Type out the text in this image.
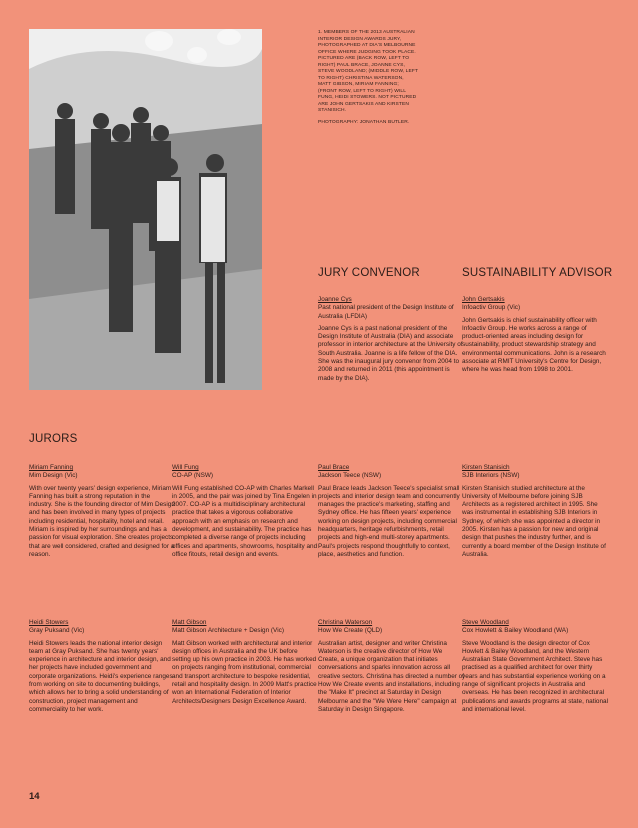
1. MEMBERS OF THE 2013 AUSTRALIAN INTERIOR DESIGN AWARDS JURY, PHOTOGRAPHED AT DIA'S MELBOURNE OFFICE WHERE JUDGING TOOK PLACE. PICTURED ARE (BACK ROW, LEFT TO RIGHT) PAUL BRACE, JOANNE CYS, STEVE WOODLAND; (MIDDLE ROW, LEFT TO RIGHT) CHRISTINA WATERSON, MATT GIBSON, MIRIAM FANNING; (FRONT ROW, LEFT TO RIGHT) WILL FUNG, HEIDI STOWERS. NOT PICTURED ARE JOHN GERTSAKIS AND KIRSTEN STANISICH.

PHOTOGRAPHY: JONATHAN BUTLER.

JURY CONVENOR	SUSTAINABILITY ADVISOR
Joanne Cys
Past national president of the Design Institute of Australia (LFDIA)

Joanne Cys is a past national president of the Design Institute of Australia (DIA) and associate professor in interior architecture at the University of South Australia. Joanne is a life fellow of the DIA. She was the inaugural jury convenor from 2004 to 2008 and returned in 2011 (this appointment is made by the DIA).

John Gertsakis
Infoactiv Group (Vic)

John Gertsakis is chief sustainability officer with Infoactiv Group. He works across a range of product-oriented areas including design for sustainability, product stewardship strategy and environmental communications. John is a research associate at RMIT University's Centre for Design, where he was head from 1998 to 2001.

JURORS
Miriam Fanning
Mim Design (Vic)

With over twenty years' design experience, Miriam Fanning has built a strong reputation in the industry. She is the founding director of Mim Design and has been involved in many types of projects including residential, hospitality, hotel and retail. Miriam is inspired by her surroundings and has a passion for visual exploration. She creates projects that are well considered, crafted and designed for a reason.

Will Fung
CO-AP (NSW)

Will Fung established CO-AP with Charles Markell in 2005, and the pair was joined by Tina Engelen in 2007. CO-AP is a multidisciplinary architectural practice that takes a vigorous collaborative approach with an emphasis on research and development, and sustainability. The practice has completed a diverse range of projects including offices and apartments, showrooms, hospitality and office fitouts, retail design and events.

Paul Brace
Jackson Teece (NSW)

Paul Brace leads Jackson Teece's specialist small projects and interior design team and concurrently manages the practice's marketing, staffing and Sydney office. He has fifteen years' experience working on design projects, including commercial headquarters, heritage refurbishments, retail projects and high-end multi-storey apartments. Paul's projects respond thoughtfully to context, place, aesthetics and function.

Kirsten Stanisich
SJB Interiors (NSW)

Kirsten Stanisich studied architecture at the University of Melbourne before joining SJB Architects as a registered architect in 1995. She was instrumental in establishing SJB Interiors in Sydney, of which she was appointed a director in 2005. Kirsten has a passion for new and original design that pushes the industry further, and is currently a board member of the Design Institute of Australia.

Heidi Stowers
Gray Puksand (Vic)

Heidi Stowers leads the national interior design team at Gray Puksand. She has twenty years' experience in architecture and interior design, and her projects have included government and corporate organizations. Heidi's experience ranges from working on site to documenting buildings, which allows her to bring a solid understanding of construction, project management and commerciality to her work.

Matt Gibson
Matt Gibson Architecture + Design (Vic)

Matt Gibson worked with architectural and interior design offices in Australia and the UK before setting up his own practice in 2003. He has worked on projects ranging from institutional, commercial and transport architecture to bespoke residential, retail and hospitality design. In 2009 Matt's practice won an International Federation of Interior Architects/Designers Design Excellence Award.

Christina Waterson
How We Create (QLD)

Australian artist, designer and writer Christina Waterson is the creative director of How We Create, a unique organization that initiates conversations and sparks innovation across all creative sectors. Christina has directed a number of How We Create events and installations, including the "Make It" precinct at Saturday in Design Melbourne and the "We Were Here" campaign at Saturday in Design Singapore.

Steve Woodland
Cox Howlett & Bailey Woodland (WA)

Steve Woodland is the design director of Cox Howlett & Bailey Woodland, and the Western Australian State Government Architect. Steve has practised as a qualified architect for over thirty years and has substantial experience working on a range of significant projects in Australia and overseas. He has been recognized in architectural publications and awards programs at state, national and international level.

14
